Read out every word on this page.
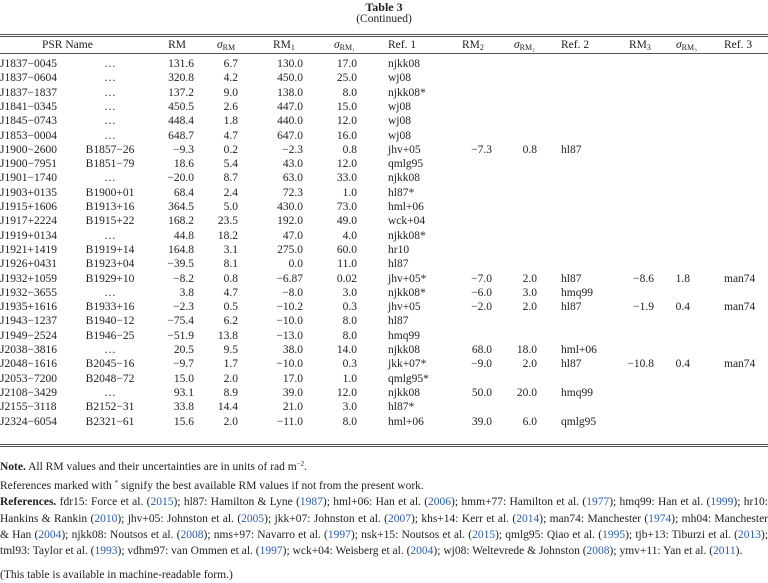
Table 3
(Continued)
PSR Name	RM	$\sigma_{RM}$	$RM_1$	$\sigma_{RM_1}$	Ref. 1	$RM_2$	$\sigma_{RM_2}$ Ref. 2	$RM_3$ $\sigma_{RM_3}$ Ref. 3
J1837−0045	…	131.6	6.7	130.0	17.0	njkk08
J1837−0604	…	320.8	4.2	450.0	25.0	wj08
J1837−1837	…	137.2	9.0	138.0	8.0	njkk08*
J1841−0345	…	450.5	2.6	447.0	15.0	wj08
J1845−0743	…	448.4	1.8	440.0	12.0	wj08
J1853−0004	…	648.7	4.7	647.0	16.0	wj08
J1900−2600	B1857−26	−9.3	0.2	−2.3	0.8	jhv+05	−7.3	0.8 hl87
J1900−7951	B1851−79	18.6	5.4	43.0	12.0	qmlg95
J1901−1740	…	−20.0	8.7	63.0	33.0	njkk08
J1903+0135	B1900+01	68.4	2.4	72.3	1.0	hl87*
J1915+1606	B1913+16	364.5	5.0	430.0	73.0	hml+06
J1917+2224	B1915+22	168.2 23.5	192.0	49.0	wck+04
J1919+0134	…	44.8 18.2	47.0	4.0	njkk08*
J1921+1419	B1919+14	164.8	3.1	275.0	60.0	hr10
J1926+0431	B1923+04	−39.5	8.1	0.0	11.0	hl87
J1932+1059	B1929+10	−8.2	0.8	−6.87	0.02	jhv+05*	−7.0	2.0 hl87	−8.6 1.8	man74
J1932−3655	…	3.8	4.7	−8.0	3.0	njkk08*	−6.0	3.0 hmq99
J1935+1616	B1933+16	−2.3	0.5	−10.2	0.3	jhv+05	−2.0	2.0 hl87	−1.9 0.4	man74
J1943−1237	B1940−12	−75.4	6.2	−10.0	8.0	hl87
J1949−2524	B1946−25	−51.9 13.8	−13.0	8.0	hmq99
J2038−3816	…	20.5	9.5	38.0	14.0	njkk08	68.0 18.0 hml+06
J2048−1616	B2045−16	−9.7	1.7	−10.0	0.3	jkk+07*	−9.0	2.0 hl87	−10.8 0.4	man74
J2053−7200	B2048−72	15.0	2.0	17.0	1.0	qmlg95*
J2108−3429	…	93.1	8.9	39.0	12.0	njkk08	50.0 20.0 hmq99
J2155−3118	B2152−31	33.8 14.4	21.0	3.0	hl87*
J2324−6054	B2321−61	15.6	2.0	−11.0	8.0	hml+06	39.0	6.0 qmlg95

Note. All RM values and their uncertainties are in units of rad $m^{-2}$.

References marked with * signify the best available RM values if not from the present work.

References. fdr15: Force et al. (2015); hl87: Hamilton & Lyne (1987); hml+06: Han et al. (2006); hmm+77: Hamilton et al. (1977); hmq99: Han et al. (1999); hr10: Hankins & Rankin (2010); jhv+05: Johnston et al. (2005); jkk+07: Johnston et al. (2007); khs+14: Kerr et al. (2014); man74: Manchester (1974); mh04: Manchester & Han (2004); njkk08: Noutsos et al. (2008); nms+97: Navarro et al. (1997); nsk+15: Noutsos et al. (2015); qmlg95: Qiao et al. (1995); tjb+13: Tiburzi et al. (2013); tml93: Taylor et al. (1993); vdhm97: van Ommen et al. (1997); wck+04: Weisberg et al. (2004); wj08: Weltevrede & Johnston (2008); ymv+11: Yan et al. (2011).

(This table is available in machine-readable form.)
